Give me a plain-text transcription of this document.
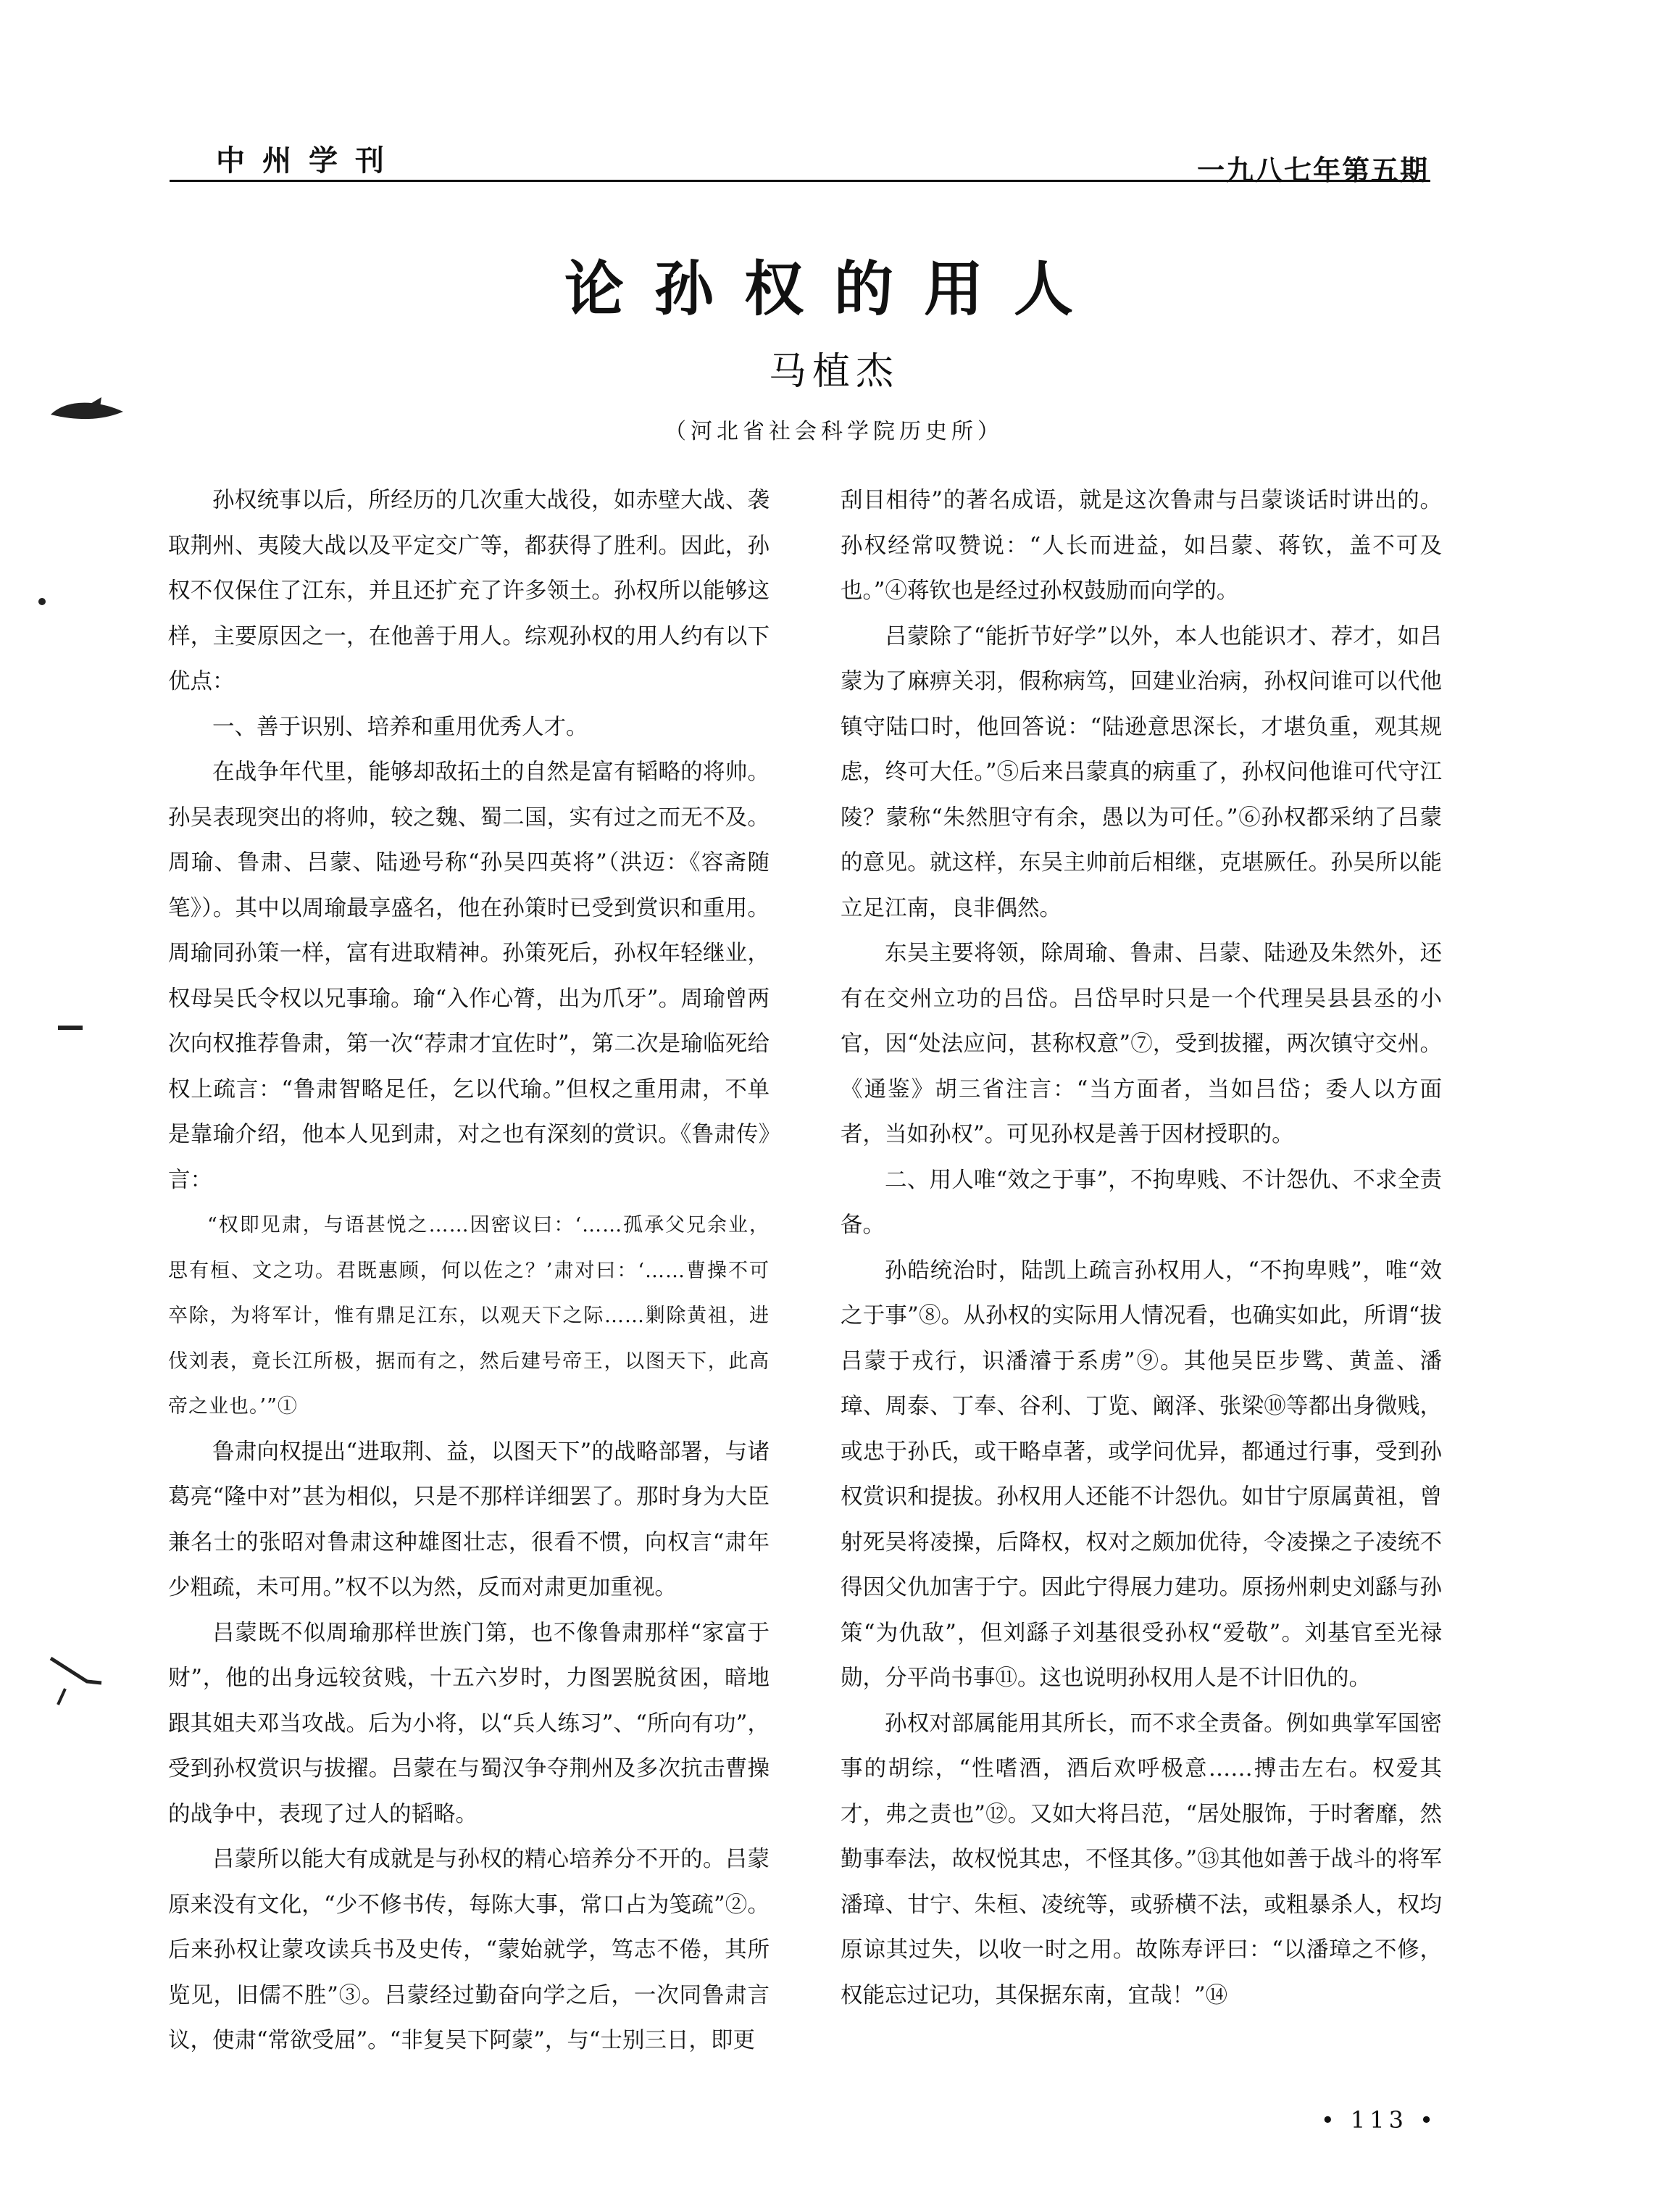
中州学刊	一九八七年第五期
论孙权的用人
马植杰
（河北省社会科学院历史所）

孙权统事以后，所经历的几次重大战役，如赤壁大战、袭取荆州、夷陵大战以及平定交广等，都获得了胜利。因此，孙权不仅保住了江东，并且还扩充了许多领土。孙权所以能够这样，主要原因之一，在他善于用人。综观孙权的用人约有以下优点：

一、善于识别、培养和重用优秀人才。

在战争年代里，能够却敌拓土的自然是富有韬略的将帅。孙吴表现突出的将帅，较之魏、蜀二国，实有过之而无不及。周瑜、鲁肃、吕蒙、陆逊号称“孙吴四英将”（洪迈：《容斋随笔》）。其中以周瑜最享盛名，他在孙策时已受到赏识和重用。周瑜同孙策一样，富有进取精神。孙策死后，孙权年轻继业，权母吴氏令权以兄事瑜。瑜“入作心膂，出为爪牙”。周瑜曾两次向权推荐鲁肃，第一次“荐肃才宜佐时”，第二次是瑜临死给权上疏言：“鲁肃智略足任，乞以代瑜。”但权之重用肃，不单是靠瑜介绍，他本人见到肃，对之也有深刻的赏识。《鲁肃传》言：

“权即见肃，与语甚悦之……因密议曰：‘……孤承父兄余业，思有桓、文之功。君既惠顾，何以佐之？’肃对曰：‘……曹操不可卒除，为将军计，惟有鼎足江东，以观天下之际……剿除黄祖，进伐刘表，竟长江所极，据而有之，然后建号帝王，以图天下，此高帝之业也。’”①

鲁肃向权提出“进取荆、益，以图天下”的战略部署，与诸葛亮“隆中对”甚为相似，只是不那样详细罢了。那时身为大臣兼名士的张昭对鲁肃这种雄图壮志，很看不惯，向权言“肃年少粗疏，未可用。”权不以为然，反而对肃更加重视。

吕蒙既不似周瑜那样世族门第，也不像鲁肃那样“家富于财”，他的出身远较贫贱，十五六岁时，力图罢脱贫困，暗地跟其姐夫邓当攻战。后为小将，以“兵人练习”、“所向有功”，受到孙权赏识与拔擢。吕蒙在与蜀汉争夺荆州及多次抗击曹操的战争中，表现了过人的韬略。

吕蒙所以能大有成就是与孙权的精心培养分不开的。吕蒙原来没有文化，“少不修书传，每陈大事，常口占为笺疏”②。后来孙权让蒙攻读兵书及史传，“蒙始就学，笃志不倦，其所览见，旧儒不胜”③。吕蒙经过勤奋向学之后，一次同鲁肃言议，使肃“常欲受屈”。“非复吴下阿蒙”，与“士别三日，即更

刮目相待”的著名成语，就是这次鲁肃与吕蒙谈话时讲出的。孙权经常叹赞说：“人长而进益，如吕蒙、蒋钦，盖不可及也。”④蒋钦也是经过孙权鼓励而向学的。

吕蒙除了“能折节好学”以外，本人也能识才、荐才，如吕蒙为了麻痹关羽，假称病笃，回建业治病，孙权问谁可以代他镇守陆口时，他回答说：“陆逊意思深长，才堪负重，观其规虑，终可大任。”⑤后来吕蒙真的病重了，孙权问他谁可代守江陵？蒙称“朱然胆守有余，愚以为可任。”⑥孙权都采纳了吕蒙的意见。就这样，东吴主帅前后相继，克堪厥任。孙吴所以能立足江南，良非偶然。

东吴主要将领，除周瑜、鲁肃、吕蒙、陆逊及朱然外，还有在交州立功的吕岱。吕岱早时只是一个代理吴县县丞的小官，因“处法应问，甚称权意”⑦，受到拔擢，两次镇守交州。《通鉴》胡三省注言：“当方面者，当如吕岱；委人以方面者，当如孙权”。可见孙权是善于因材授职的。

二、用人唯“效之于事”，不拘卑贱、不计怨仇、不求全责备。

孙皓统治时，陆凯上疏言孙权用人，“不拘卑贱”，唯“效之于事”⑧。从孙权的实际用人情况看，也确实如此，所谓“拔吕蒙于戎行，识潘濬于系虏”⑨。其他吴臣步骘、黄盖、潘璋、周泰、丁奉、谷利、丁览、阚泽、张梁⑩等都出身微贱，或忠于孙氏，或干略卓著，或学问优异，都通过行事，受到孙权赏识和提拔。孙权用人还能不计怨仇。如甘宁原属黄祖，曾射死吴将凌操，后降权，权对之颇加优待，令凌操之子凌统不得因父仇加害于宁。因此宁得展力建功。原扬州刺史刘繇与孙策“为仇敌”，但刘繇子刘基很受孙权“爱敬”。刘基官至光禄勋，分平尚书事⑪。这也说明孙权用人是不计旧仇的。

孙权对部属能用其所长，而不求全责备。例如典掌军国密事的胡综，“性嗜酒，酒后欢呼极意……搏击左右。权爱其才，弗之责也”⑫。又如大将吕范，“居处服饰，于时奢靡，然勤事奉法，故权悦其忠，不怪其侈。”⑬其他如善于战斗的将军潘璋、甘宁、朱桓、凌统等，或骄横不法，或粗暴杀人，权均原谅其过失，以收一时之用。故陈寿评曰：“以潘璋之不修，权能忘过记功，其保据东南，宜哉！”⑭

• 113 •
